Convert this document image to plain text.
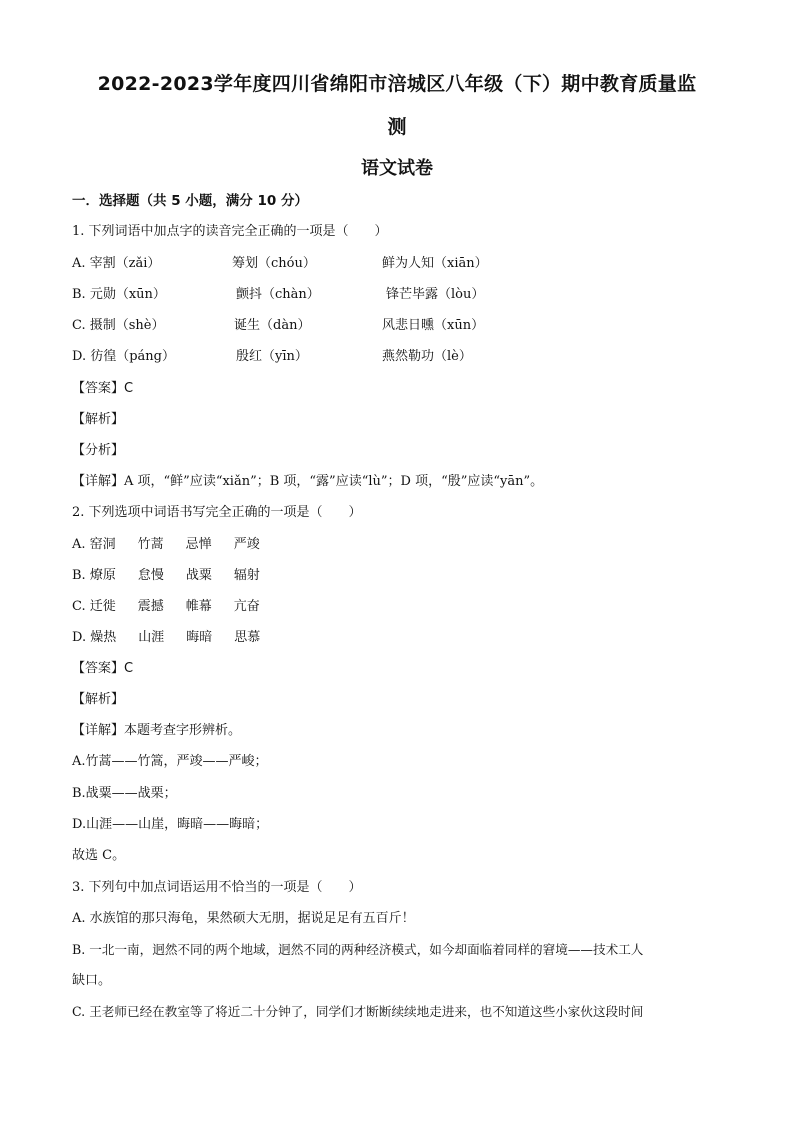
2022-2023学年度四川省绵阳市涪城区八年级（下）期中教育质量监
测
语文试卷
一．选择题（共 5 小题，满分 10 分）
1. 下列词语中加点字的读音完全正确的一项是（　　）
A. 宰割（zǎi）	筹划（chóu）	鲜为人知（xiān）
B. 元勋（xūn）	颤抖（chàn）	锋芒毕露（lòu）
C. 摄制（shè）	诞生（dàn）	风悲日曛（xūn）
D. 彷徨（páng）	殷红（yīn）	燕然勒功（lè）
【答案】C
【解析】
【分析】
【详解】A 项，“鲜”应读“xiǎn”；B 项，“露”应读“lù”；D 项，“殷”应读“yān”。
2. 下列选项中词语书写完全正确的一项是（　　）
A. 窑洞 竹蒿 忌惮 严竣
B. 燎原 怠慢 战粟 辐射
C. 迁徙 震撼 帷幕 亢奋
D. 燥热 山涯 晦暗 思慕
【答案】C
【解析】
【详解】本题考查字形辨析。
A.竹蒿——竹篙，严竣——严峻；
B.战粟——战栗；
D.山涯——山崖，晦暗——晦暗；
故选 C。
3. 下列句中加点词语运用不恰当的一项是（　　）
A. 水族馆的那只海龟，果然硕大无朋，据说足足有五百斤！
B. 一北一南，迥然不同的两个地域，迥然不同的两种经济模式，如今却面临着同样的窘境——技术工人
缺口。
C. 王老师已经在教室等了将近二十分钟了，同学们才断断续续地走进来，也不知道这些小家伙这段时间
